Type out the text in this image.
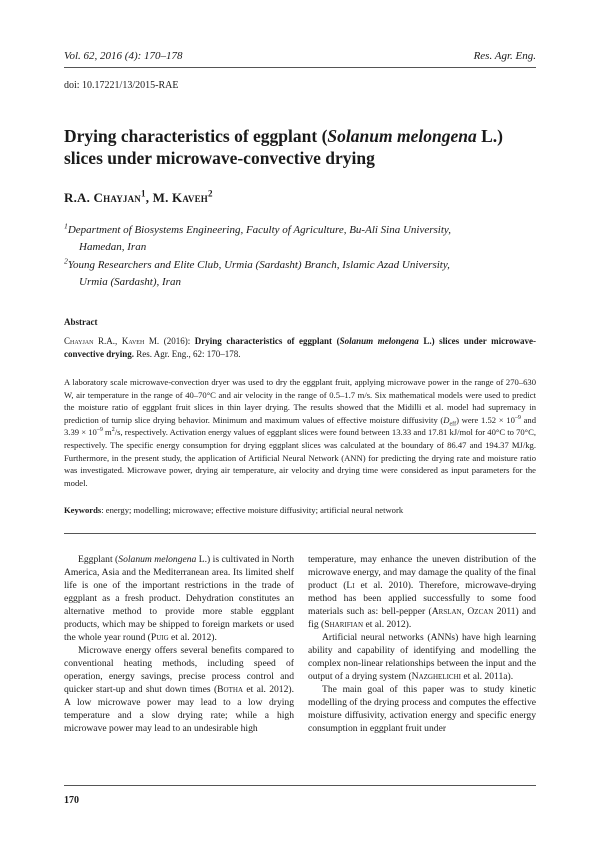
Vol. 62, 2016 (4): 170–178	Res. Agr. Eng.
doi: 10.17221/13/2015-RAE
Drying characteristics of eggplant (Solanum melongena L.) slices under microwave-convective drying
R.A. Chayjan$^1$, M. Kaveh$^2$
$^1$Department of Biosystems Engineering, Faculty of Agriculture, Bu-Ali Sina University,
Hamedan, Iran
$^2$Young Researchers and Elite Club, Urmia (Sardasht) Branch, Islamic Azad University,
Urmia (Sardasht), Iran
Abstract
Chayjan R.A., Kaveh M. (2016): Drying characteristics of eggplant (Solanum melongena L.) slices under microwave-convective drying. Res. Agr. Eng., 62: 170–178.
A laboratory scale microwave-convection dryer was used to dry the eggplant fruit, applying microwave power in the range of 270–630 W, air temperature in the range of 40–70°C and air velocity in the range of 0.5–1.7 m/s. Six mathematical models were used to predict the moisture ratio of eggplant fruit slices in thin layer drying. The results showed that the Midilli et al. model had supremacy in prediction of turnip slice drying behavior. Minimum and maximum values of effective moisture diffusivity $(D_{eff})$ were $1.52 \times 10^{-9}$ and $3.39 \times 10^{-9}$ $m^2/s$, respectively. Activation energy values of eggplant slices were found between 13.33 and 17.81 kJ/mol for 40°C to 70°C, respectively. The specific energy consumption for drying eggplant slices was calculated at the boundary of 86.47 and 194.37 MJ/kg. Furthermore, in the present study, the application of Artificial Neural Network (ANN) for predicting the drying rate and moisture ratio was investigated. Microwave power, drying air temperature, air velocity and drying time were considered as input parameters for the model.
Keywords: energy; modelling; microwave; effective moisture diffusivity; artificial neural network

Eggplant (Solanum melongena L.) is cultivated in North America, Asia and the Mediterranean area. Its limited shelf life is one of the important restrictions in the trade of eggplant as a fresh product. Dehydration constitutes an alternative method to provide more stable eggplant products, which may be shipped to foreign markets or used the whole year round (Puig et al. 2012).

Microwave energy offers several benefits compared to conventional heating methods, including speed of operation, energy savings, precise process control and quicker start-up and shut down times (Botha et al. 2012). A low microwave power may lead to a low drying temperature and a slow drying rate; while a high microwave power may lead to an undesirable high

temperature, may enhance the uneven distribution of the microwave energy, and may damage the quality of the final product (Li et al. 2010). Therefore, microwave-drying method has been applied successfully to some food materials such as: bell-pepper (Arslan, Ozcan 2011) and fig (Sharifian et al. 2012).

Artificial neural networks (ANNs) have high learning ability and capability of identifying and modelling the complex non-linear relationships between the input and the output of a drying system (Nazghelichi et al. 2011a).

The main goal of this paper was to study kinetic modelling of the drying process and computes the effective moisture diffusivity, activation energy and specific energy consumption in eggplant fruit under

170
